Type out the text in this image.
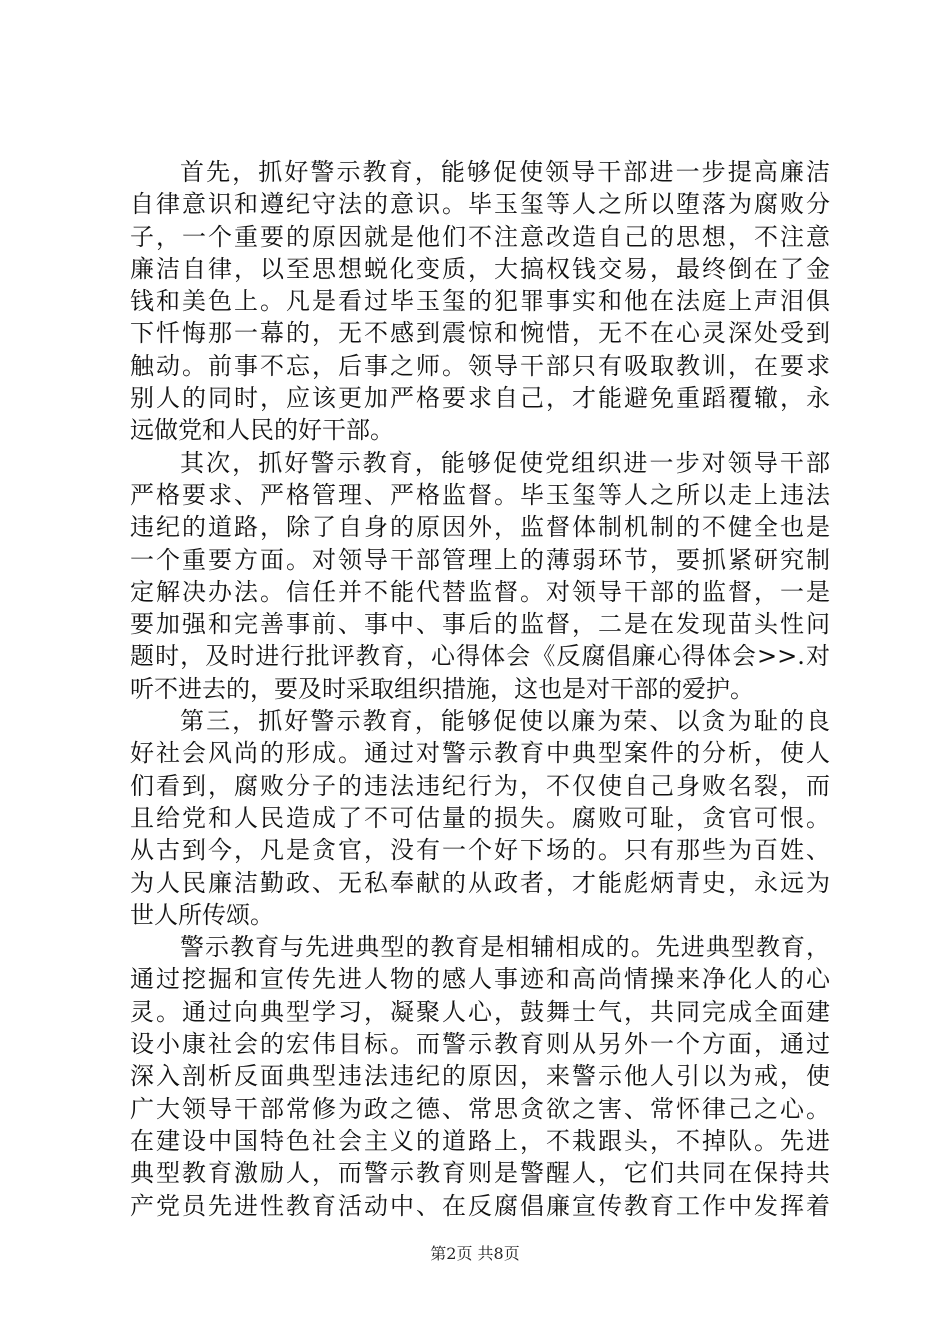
首先，抓好警示教育，能够促使领导干部进一步提高廉洁
自律意识和遵纪守法的意识。毕玉玺等人之所以堕落为腐败分
子，一个重要的原因就是他们不注意改造自己的思想，不注意
廉洁自律，以至思想蜕化变质，大搞权钱交易，最终倒在了金
钱和美色上。凡是看过毕玉玺的犯罪事实和他在法庭上声泪俱
下忏悔那一幕的，无不感到震惊和惋惜，无不在心灵深处受到
触动。前事不忘，后事之师。领导干部只有吸取教训，在要求
别人的同时，应该更加严格要求自己，才能避免重蹈覆辙，永
远做党和人民的好干部。
其次，抓好警示教育，能够促使党组织进一步对领导干部
严格要求、严格管理、严格监督。毕玉玺等人之所以走上违法
违纪的道路，除了自身的原因外，监督体制机制的不健全也是
一个重要方面。对领导干部管理上的薄弱环节，要抓紧研究制
定解决办法。信任并不能代替监督。对领导干部的监督，一是
要加强和完善事前、事中、事后的监督，二是在发现苗头性问
题时，及时进行批评教育，心得体会《反腐倡廉心得体会>>.对
听不进去的，要及时采取组织措施，这也是对干部的爱护。
第三，抓好警示教育，能够促使以廉为荣、以贪为耻的良
好社会风尚的形成。通过对警示教育中典型案件的分析，使人
们看到，腐败分子的违法违纪行为，不仅使自己身败名裂，而
且给党和人民造成了不可估量的损失。腐败可耻，贪官可恨。
从古到今，凡是贪官，没有一个好下场的。只有那些为百姓、
为人民廉洁勤政、无私奉献的从政者，才能彪炳青史，永远为
世人所传颂。
警示教育与先进典型的教育是相辅相成的。先进典型教育，
通过挖掘和宣传先进人物的感人事迹和高尚情操来净化人的心
灵。通过向典型学习，凝聚人心，鼓舞士气，共同完成全面建
设小康社会的宏伟目标。而警示教育则从另外一个方面，通过
深入剖析反面典型违法违纪的原因，来警示他人引以为戒，使
广大领导干部常修为政之德、常思贪欲之害、常怀律己之心。
在建设中国特色社会主义的道路上，不栽跟头，不掉队。先进
典型教育激励人，而警示教育则是警醒人，它们共同在保持共
产党员先进性教育活动中、在反腐倡廉宣传教育工作中发挥着
第2页 共8页
